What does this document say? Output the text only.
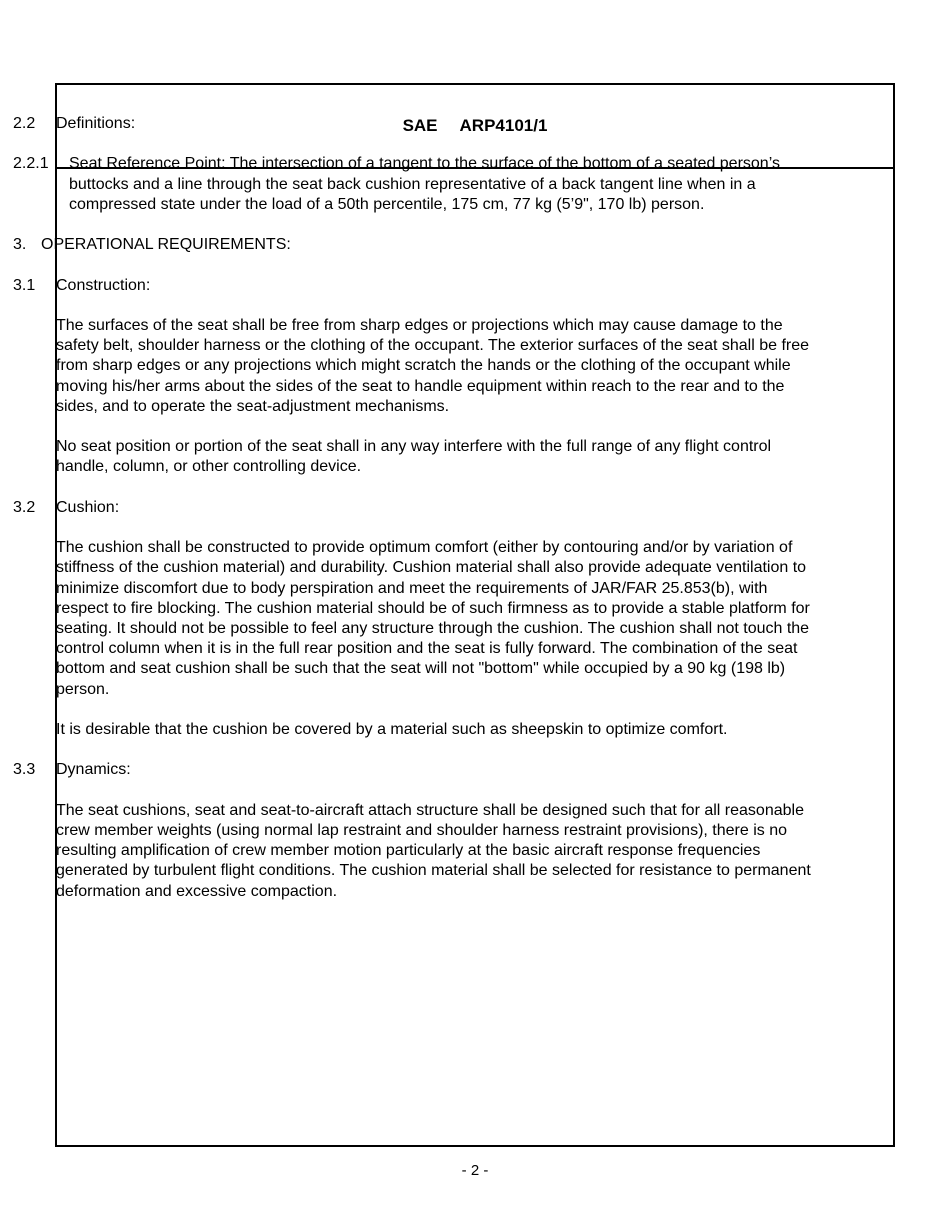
SAE ARP4101/1
2.2 Definitions:
2.2.1	Seat Reference Point: The intersection of a tangent to the surface of the bottom of a seated person’s buttocks and a line through the seat back cushion representative of a back tangent line when in a compressed state under the load of a 50th percentile, 175 cm, 77 kg (5’9", 170 lb) person.
3. OPERATIONAL REQUIREMENTS:
3.1 Construction:

The surfaces of the seat shall be free from sharp edges or projections which may cause damage to the safety belt, shoulder harness or the clothing of the occupant. The exterior surfaces of the seat shall be free from sharp edges or any projections which might scratch the hands or the clothing of the occupant while moving his/her arms about the sides of the seat to handle equipment within reach to the rear and to the sides, and to operate the seat-adjustment mechanisms.

No seat position or portion of the seat shall in any way interfere with the full range of any flight control handle, column, or other controlling device.

3.2 Cushion:

The cushion shall be constructed to provide optimum comfort (either by contouring and/or by variation of stiffness of the cushion material) and durability. Cushion material shall also provide adequate ventilation to minimize discomfort due to body perspiration and meet the requirements of JAR/FAR 25.853(b), with respect to fire blocking. The cushion material should be of such firmness as to provide a stable platform for seating. It should not be possible to feel any structure through the cushion. The cushion shall not touch the control column when it is in the full rear position and the seat is fully forward. The combination of the seat bottom and seat cushion shall be such that the seat will not "bottom" while occupied by a 90 kg (198 lb) person.

It is desirable that the cushion be covered by a material such as sheepskin to optimize comfort.

3.3 Dynamics:

The seat cushions, seat and seat-to-aircraft attach structure shall be designed such that for all reasonable crew member weights (using normal lap restraint and shoulder harness restraint provisions), there is no resulting amplification of crew member motion particularly at the basic aircraft response frequencies generated by turbulent flight conditions. The cushion material shall be selected for resistance to permanent deformation and excessive compaction.

- 2 -
